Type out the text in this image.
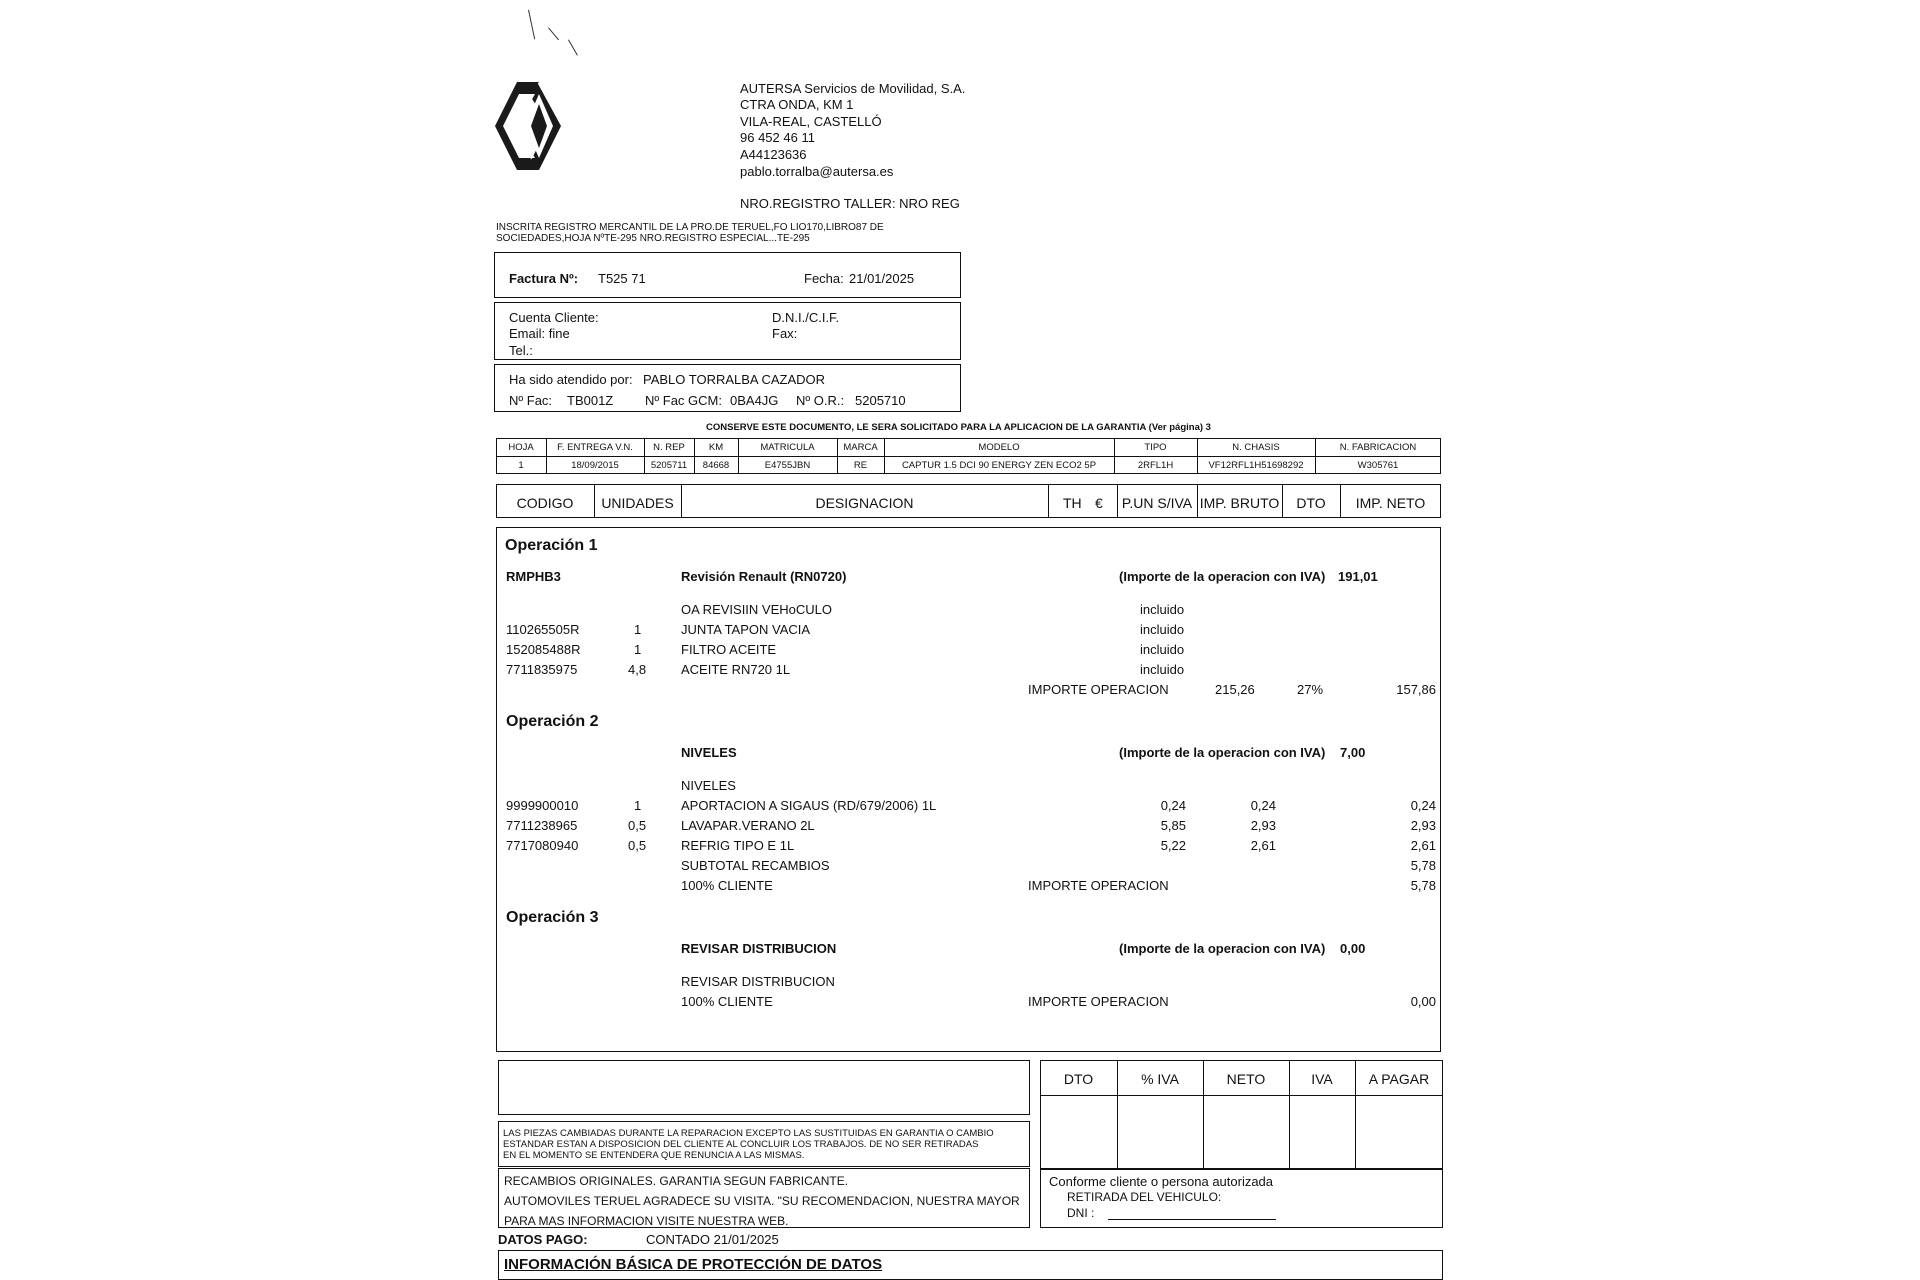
AUTERSA Servicios de Movilidad, S.A.
CTRA ONDA, KM 1
VILA-REAL, CASTELLÓ
96 452 46 11
A44123636
pablo.torralba@autersa.es
NRO.REGISTRO TALLER: NRO REG
INSCRITA REGISTRO MERCANTIL DE LA PRO.DE TERUEL,FO LIO170,LIBRO87 DE
SOCIEDADES,HOJA NºTE-295 NRO.REGISTRO ESPECIAL...TE-295
Factura Nº: T525 71	Fecha: 21/01/2025
Cuenta Cliente:
Email: fine
Tel.:
D.N.I./C.I.F.
Fax:
Ha sido atendido por: PABLO TORRALBA CAZADOR
Nº Fac: TB001Z Nº Fac GCM: 0BA4JG Nº O.R.: 5205710
CONSERVE ESTE DOCUMENTO, LE SERA SOLICITADO PARA LA APLICACION DE LA GARANTIA (Ver página) 3
HOJA	F. ENTREGA V.N.	N. REP	KM	MATRICULA	MARCA	MODELO	TIPO	N. CHASIS	N. FABRICACION
1	18/09/2015	5205711	84668	E4755JBN	RE	CAPTUR 1.5 DCI 90 ENERGY ZEN ECO2 5P	2RFL1H	VF12RFL1H51698292	W305761
CODIGO	UNIDADES	DESIGNACION	TH €	P.UN S/IVA IMP. BRUTO	DTO	IMP. NETO
Operación 1
RMPHB3	Revisión Renault (RN0720)	(Importe de la operacion con IVA) 191,01
OA REVISIIN VEHoCULO	incluido
110265505R	1	JUNTA TAPON VACIA	incluido
152085488R	1	FILTRO ACEITE	incluido
7711835975	4,8	ACEITE RN720 1L	incluido
IMPORTE OPERACION	215,26	27%	157,86
Operación 2
NIVELES	(Importe de la operacion con IVA) 7,00
NIVELES
9999900010	1	APORTACION A SIGAUS (RD/679/2006) 1L	0,24	0,24	0,24
7711238965	0,5	LAVAPAR.VERANO 2L	5,85	2,93	2,93
7717080940	0,5	REFRIG TIPO E 1L	5,22	2,61	2,61
SUBTOTAL RECAMBIOS	5,78
100% CLIENTE	IMPORTE OPERACION	5,78
Operación 3
REVISAR DISTRIBUCION	(Importe de la operacion con IVA) 0,00
REVISAR DISTRIBUCION
100% CLIENTE	IMPORTE OPERACION	0,00
LAS PIEZAS CAMBIADAS DURANTE LA REPARACION EXCEPTO LAS SUSTITUIDAS EN GARANTIA O CAMBIO
ESTANDAR ESTAN A DISPOSICION DEL CLIENTE AL CONCLUIR LOS TRABAJOS. DE NO SER RETIRADAS
EN EL MOMENTO SE ENTENDERA QUE RENUNCIA A LAS MISMAS.
RECAMBIOS ORIGINALES. GARANTIA SEGUN FABRICANTE.
AUTOMOVILES TERUEL AGRADECE SU VISITA. "SU RECOMENDACION, NUESTRA MAYOR
PARA MAS INFORMACION VISITE NUESTRA WEB.
DTO	% IVA	NETO	IVA	A PAGAR
Conforme cliente o persona autorizada
RETIRADA DEL VEHICULO:
DNI :
DATOS PAGO:	CONTADO 21/01/2025
INFORMACIÓN BÁSICA DE PROTECCIÓN DE DATOS
